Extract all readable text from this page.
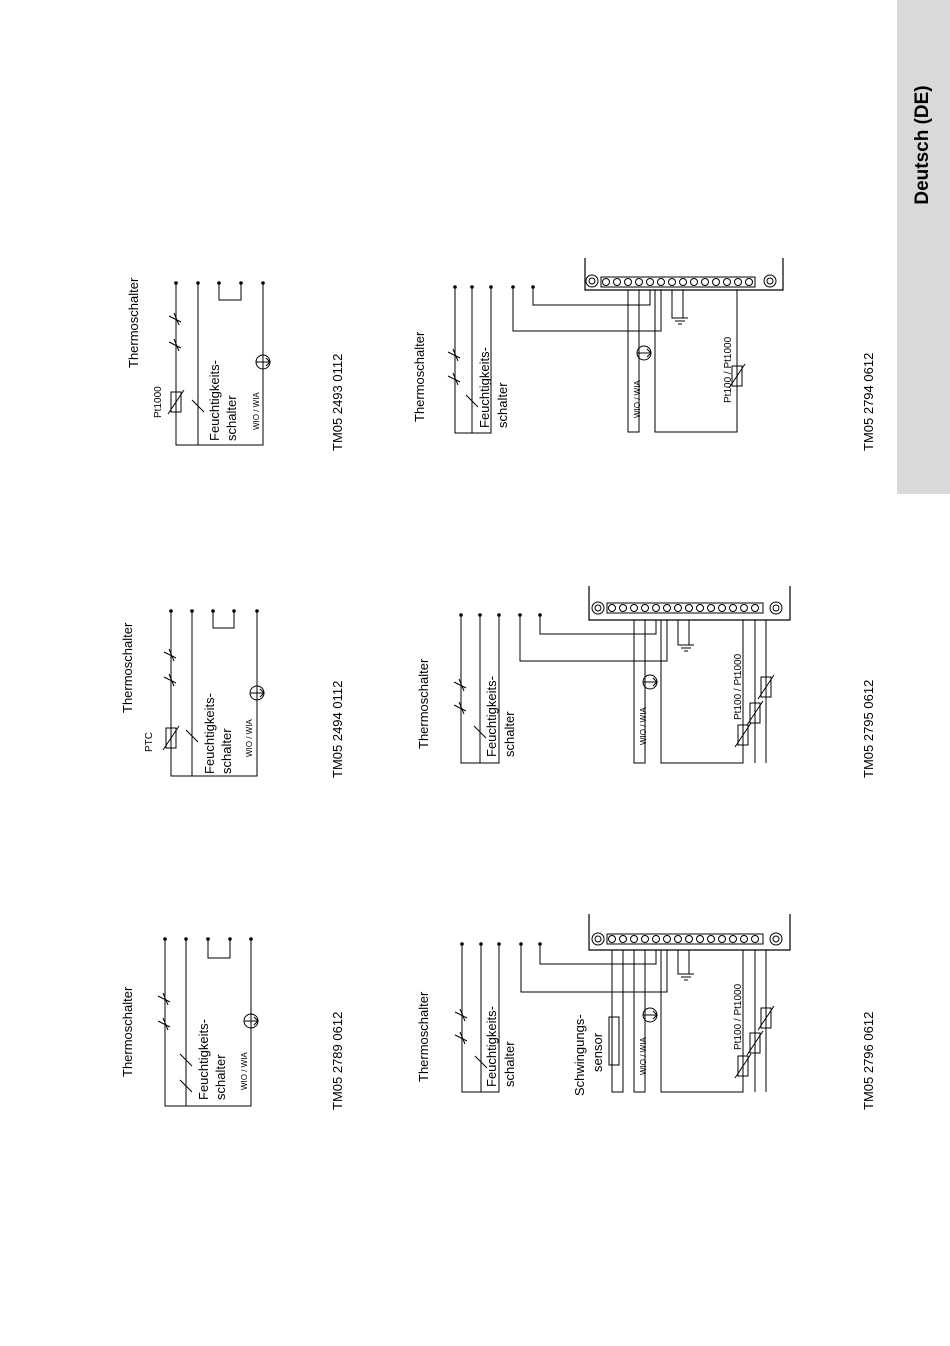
Deutsch (DE)
Thermoschalter
Pt1000	Feuchtigkeits- schalter WIO / WIA	TM05 2493 0112
Thermoschalter
PTC	Feuchtigkeits- schalter WIO / WIA	TM05 2494 0112
Thermoschalter	Feuchtigkeits- schalter WIO / WIA	TM05 2789 0612
Thermoschalter	Feuchtigkeits- schalter	WIO / WIA	Pt100 / Pt1000	TM05 2794 0612
Thermoschalter	Feuchtigkeits- schalter	WIO / WIA
Pt100 / Pt1000	TM05 2795 0612
Thermoschalter	Feuchtigkeits- schalter	Schwingungs- sensor	WIO / WIA
Pt100 / Pt1000	TM05 2796 0612
